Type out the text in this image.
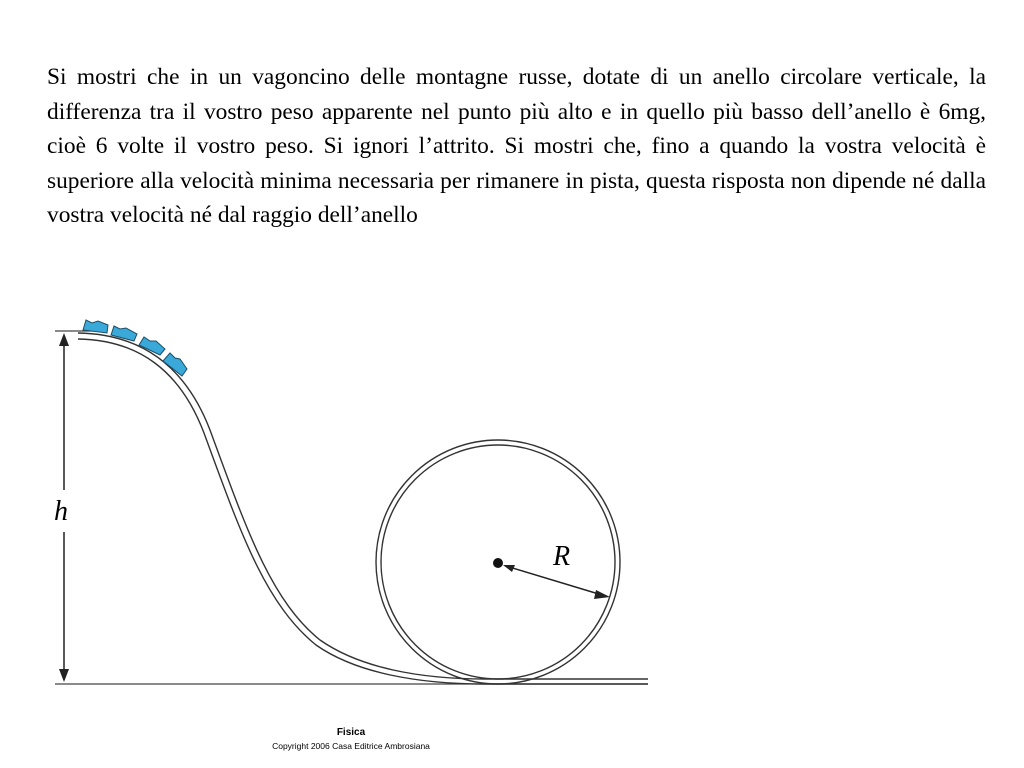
Si mostri che in un vagoncino delle montagne russe, dotate di un anello circolare verticale, la differenza tra il vostro peso apparente nel punto più alto e in quello più basso dell’anello è 6mg, cioè 6 volte il vostro peso. Si ignori l’attrito. Si mostri che, fino a quando la vostra velocità è superiore alla velocità minima necessaria per rimanere in pista, questa risposta non dipende né dalla vostra velocità né dal raggio dell’anello

R
h

Fisica

Copyright 2006 Casa Editrice Ambrosiana
